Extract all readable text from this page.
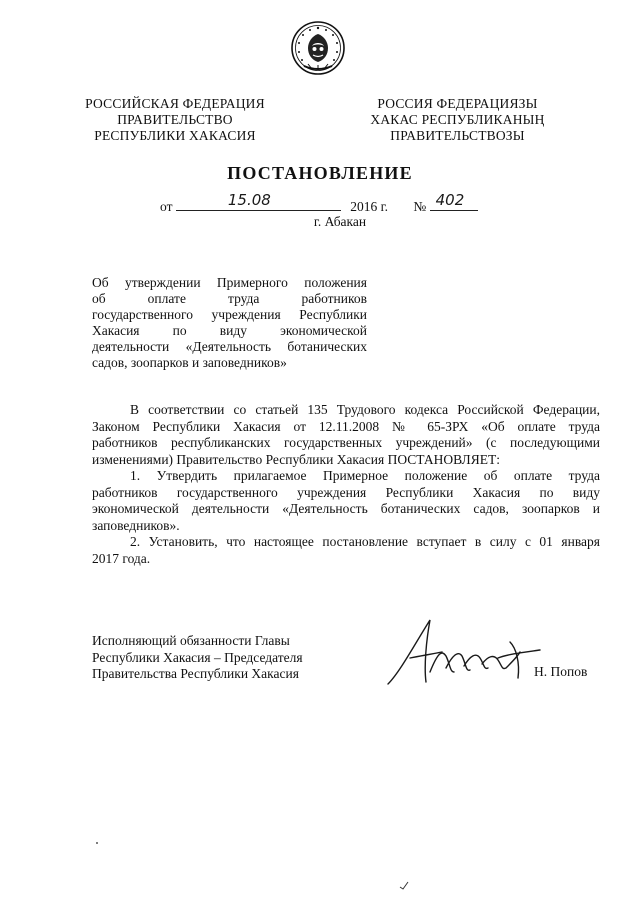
РОССИЙСКАЯ ФЕДЕРАЦИЯ
ПРАВИТЕЛЬСТВО
РЕСПУБЛИКИ ХАКАСИЯ
РОССИЯ ФЕДЕРАЦИЯЗЫ
ХАКАС РЕСПУБЛИКАНЫҢ
ПРАВИТЕЛЬСТВОЗЫ
ПОСТАНОВЛЕНИЕ
от	15.08	2016 г. № 402
г. Абакан
Об утверждении Примерного положения
об оплате труда работников
государственного учреждения Республики
Хакасия по виду экономической
деятельности «Деятельность ботанических
садов, зоопарков и заповедников»
В соответствии со статьей 135 Трудового кодекса Российской Федерации,
Законом Республики Хакасия от 12.11.2008 № 65-ЗРХ «Об оплате труда
работников республиканских государственных учреждений» (с последующими
изменениями) Правительство Республики Хакасия ПОСТАНОВЛЯЕТ:
1. Утвердить прилагаемое Примерное положение об оплате труда
работников государственного учреждения Республики Хакасия по виду
экономической деятельности «Деятельность ботанических садов, зоопарков и
заповедников».
2. Установить, что настоящее постановление вступает в силу с 01 января
2017 года.
Исполняющий обязанности Главы
Республики Хакасия – Председателя
Правительства Республики Хакасия	Н. Попов
